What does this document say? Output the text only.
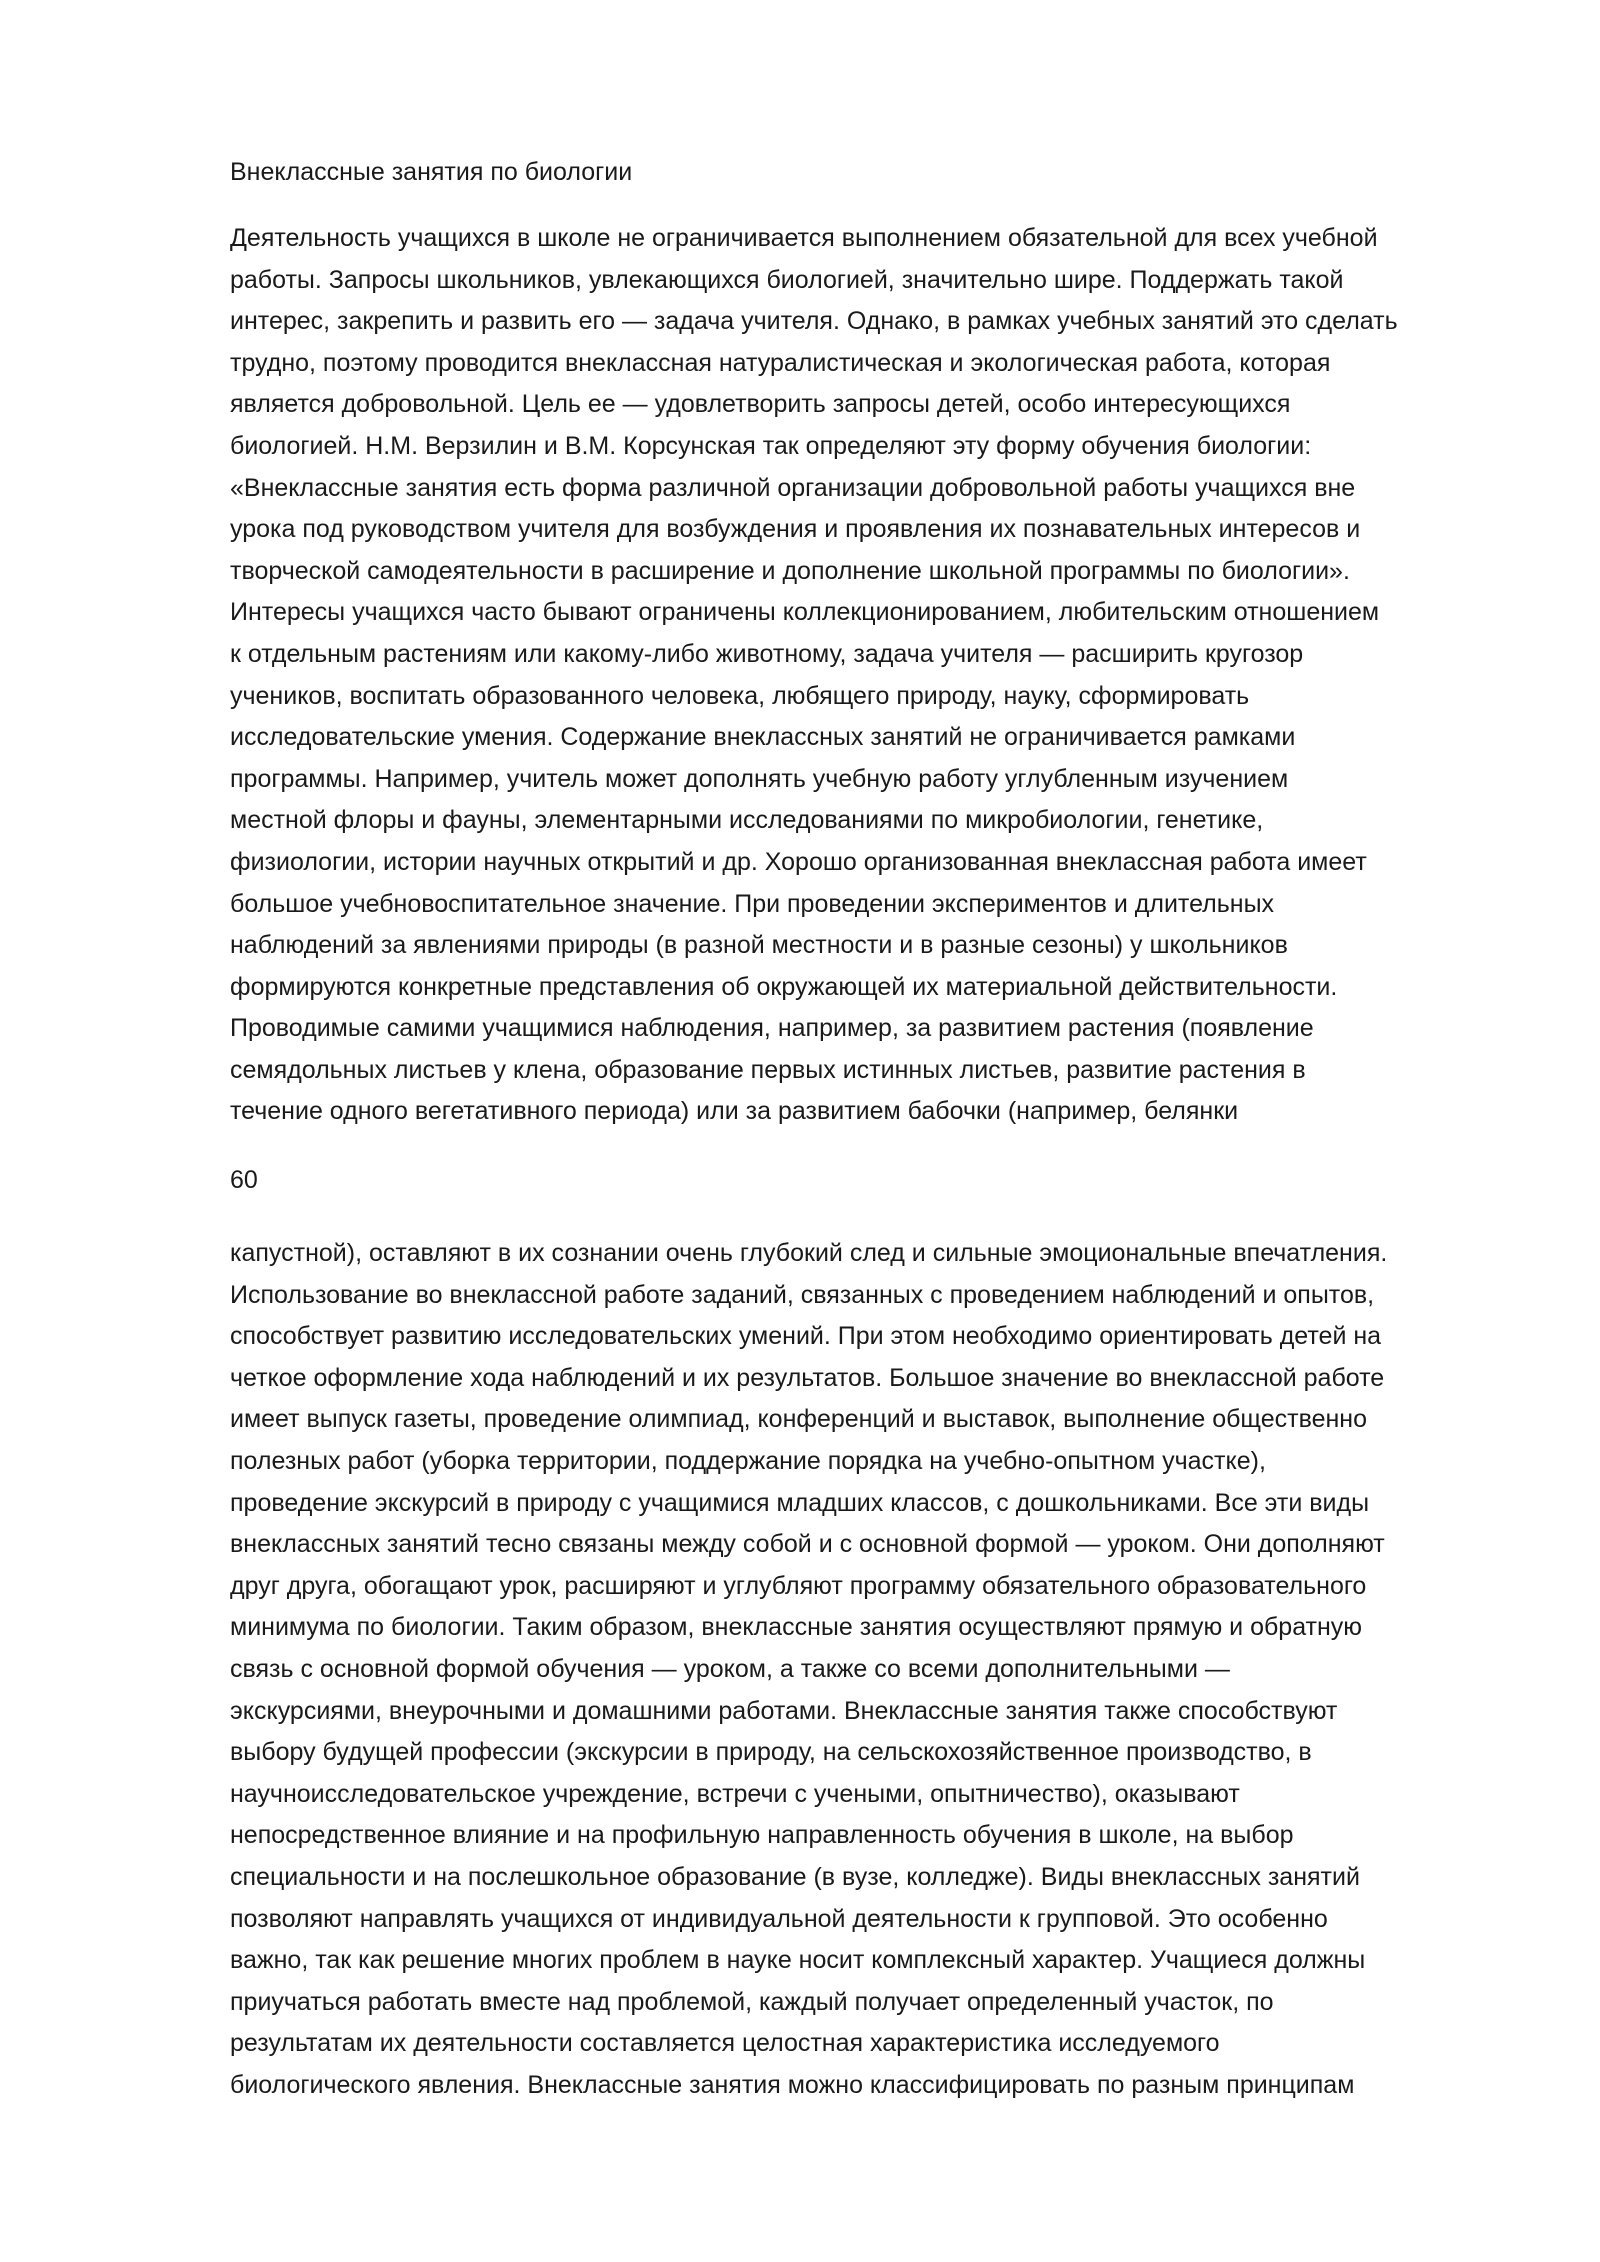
Внеклассные занятия по биологии
Деятельность учащихся в школе не ограничивается выполнением обязательной для всех учебной
работы. Запросы школьников, увлекающихся биологией, значительно шире. Поддержать такой
интерес, закрепить и развить его — задача учителя. Однако, в рамках учебных занятий это сделать
трудно, поэтому проводится внеклассная натуралистическая и экологическая работа, которая
является добровольной. Цель ее — удовлетворить запросы детей, особо интересующихся
биологией. Н.М. Верзилин и В.М. Корсунская так определяют эту форму обучения биологии:
«Внеклассные занятия есть форма различной организации добровольной работы учащихся вне
урока под руководством учителя для возбуждения и проявления их познавательных интересов и
творческой самодеятельности в расширение и дополнение школьной программы по биологии».
Интересы учащихся часто бывают ограничены коллекционированием, любительским отношением
к отдельным растениям или какому-либо животному, задача учителя — расширить кругозор
учеников, воспитать образованного человека, любящего природу, науку, сформировать
исследовательские умения. Содержание внеклассных занятий не ограничивается рамками
программы. Например, учитель может дополнять учебную работу углубленным изучением
местной флоры и фауны, элементарными исследованиями по микробиологии, генетике,
физиологии, истории научных открытий и др. Хорошо организованная внеклассная работа имеет
большое учебновоспитательное значение. При проведении экспериментов и длительных
наблюдений за явлениями природы (в разной местности и в разные сезоны) у школьников
формируются конкретные представления об окружающей их материальной действительности.
Проводимые самими учащимися наблюдения, например, за развитием растения (появление
семядольных листьев у клена, образование первых истинных листьев, развитие растения в
течение одного вегетативного периода) или за развитием бабочки (например, белянки
60
капустной), оставляют в их сознании очень глубокий след и сильные эмоциональные впечатления.
Использование во внеклассной работе заданий, связанных с проведением наблюдений и опытов,
способствует развитию исследовательских умений. При этом необходимо ориентировать детей на
четкое оформление хода наблюдений и их результатов. Большое значение во внеклассной работе
имеет выпуск газеты, проведение олимпиад, конференций и выставок, выполнение общественно
полезных работ (уборка территории, поддержание порядка на учебно-опытном участке),
проведение экскурсий в природу с учащимися младших классов, с дошкольниками. Все эти виды
внеклассных занятий тесно связаны между собой и с основной формой — уроком. Они дополняют
друг друга, обогащают урок, расширяют и углубляют программу обязательного образовательного
минимума по биологии. Таким образом, внеклассные занятия осуществляют прямую и обратную
связь с основной формой обучения — уроком, а также со всеми дополнительными —
экскурсиями, внеурочными и домашними работами. Внеклассные занятия также способствуют
выбору будущей профессии (экскурсии в природу, на сельскохозяйственное производство, в
научноисследовательское учреждение, встречи с учеными, опытничество), оказывают
непосредственное влияние и на профильную направленность обучения в школе, на выбор
специальности и на послешкольное образование (в вузе, колледже). Виды внеклассных занятий
позволяют направлять учащихся от индивидуальной деятельности к групповой. Это особенно
важно, так как решение многих проблем в науке носит комплексный характер. Учащиеся должны
приучаться работать вместе над проблемой, каждый получает определенный участок, по
результатам их деятельности составляется целостная характеристика исследуемого
биологического явления. Внеклассные занятия можно классифицировать по разным принципам
